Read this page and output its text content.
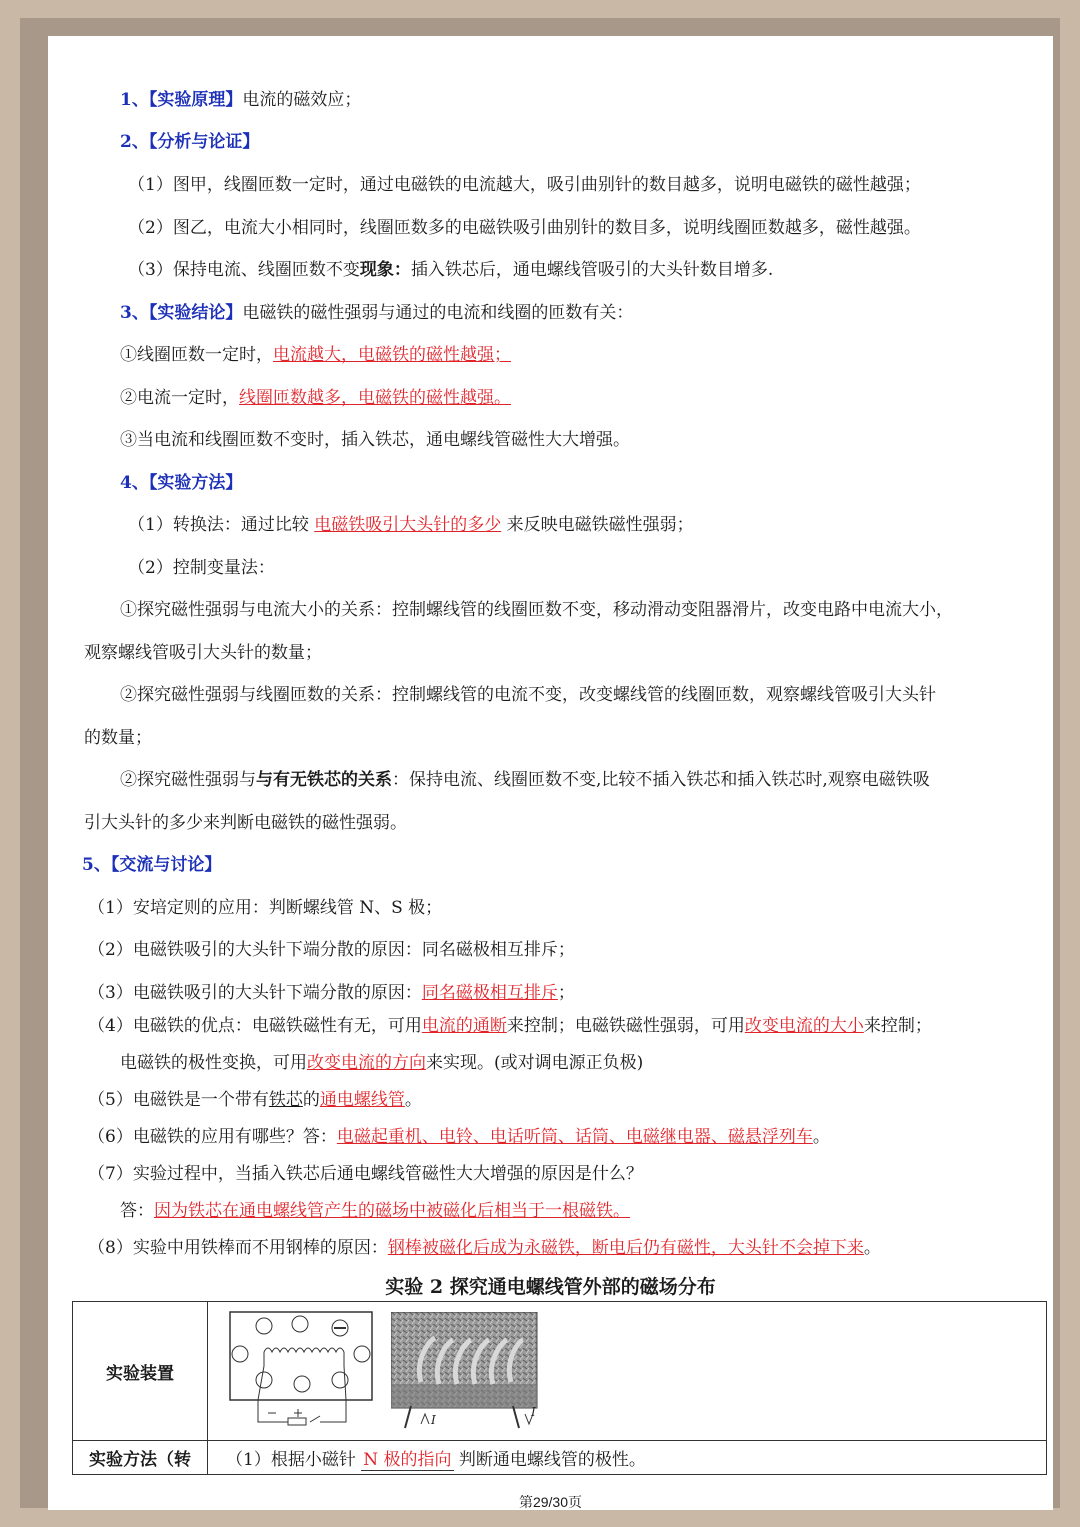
1、【实验原理】电流的磁效应；
2、【分析与论证】
（1）图甲，线圈匝数一定时，通过电磁铁的电流越大，吸引曲别针的数目越多，说明电磁铁的磁性越强；
（2）图乙，电流大小相同时，线圈匝数多的电磁铁吸引曲别针的数目多，说明线圈匝数越多，磁性越强。
（3）保持电流、线圈匝数不变现象：插入铁芯后，通电螺线管吸引的大头针数目增多.
3、【实验结论】电磁铁的磁性强弱与通过的电流和线圈的匝数有关：
①线圈匝数一定时，电流越大，电磁铁的磁性越强；
②电流一定时，线圈匝数越多，电磁铁的磁性越强。
③当电流和线圈匝数不变时，插入铁芯，通电螺线管磁性大大增强。
4、【实验方法】
（1）转换法：通过比较 电磁铁吸引大头针的多少 来反映电磁铁磁性强弱；
（2）控制变量法：
①探究磁性强弱与电流大小的关系：控制螺线管的线圈匝数不变，移动滑动变阻器滑片，改变电路中电流大小，
观察螺线管吸引大头针的数量；
②探究磁性强弱与线圈匝数的关系：控制螺线管的电流不变，改变螺线管的线圈匝数，观察螺线管吸引大头针
的数量；
②探究磁性强弱与与有无铁芯的关系：保持电流、线圈匝数不变,比较不插入铁芯和插入铁芯时,观察电磁铁吸
引大头针的多少来判断电磁铁的磁性强弱。
5、【交流与讨论】
（1）安培定则的应用：判断螺线管 N、S 极；
（2）电磁铁吸引的大头针下端分散的原因：同名磁极相互排斥；
（3）电磁铁吸引的大头针下端分散的原因：同名磁极相互排斥；
（4）电磁铁的优点：电磁铁磁性有无，可用电流的通断来控制；电磁铁磁性强弱，可用改变电流的大小来控制；
电磁铁的极性变换，可用改变电流的方向来实现。(或对调电源正负极)
（5）电磁铁是一个带有铁芯的通电螺线管。
（6）电磁铁的应用有哪些？答：电磁起重机、电铃、电话听筒、话筒、电磁继电器、磁悬浮列车。
（7）实验过程中，当插入铁芯后通电螺线管磁性大大增强的原因是什么？
答：因为铁芯在通电螺线管产生的磁场中被磁化后相当于一根磁铁。
（8）实验中用铁棒而不用钢棒的原因：钢棒被磁化后成为永磁铁，断电后仍有磁性，大头针不会掉下来。
实验 2 探究通电螺线管外部的磁场分布
实验装置	I
I

实验方法（转	（1）根据小磁针 N 极的指向 判断通电螺线管的极性。
第29/30页
